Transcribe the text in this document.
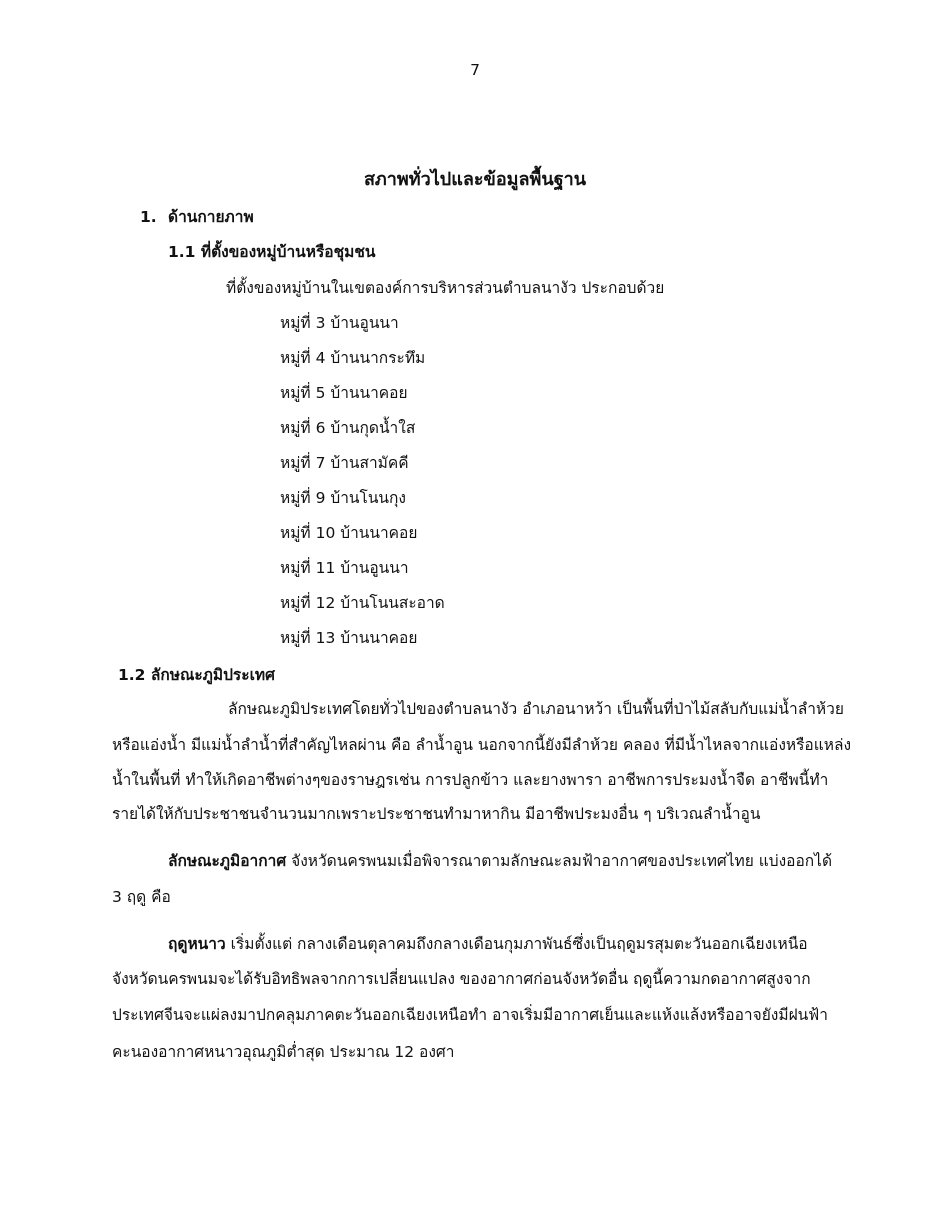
7
สภาพทั่วไปและข้อมูลพื้นฐาน
1. ด้านกายภาพ
1.1 ที่ตั้งของหมู่บ้านหรือชุมชน
ที่ตั้งของหมู่บ้านในเขตองค์การบริหารส่วนตำบลนางัว ประกอบด้วย
หมู่ที่ 3 บ้านอูนนา
หมู่ที่ 4 บ้านนากระทึม
หมู่ที่ 5 บ้านนาคอย
หมู่ที่ 6 บ้านกุดน้ำใส
หมู่ที่ 7 บ้านสามัคคี
หมู่ที่ 9 บ้านโนนกุง
หมู่ที่ 10 บ้านนาคอย
หมู่ที่ 11 บ้านอูนนา
หมู่ที่ 12 บ้านโนนสะอาด
หมู่ที่ 13 บ้านนาคอย
1.2 ลักษณะภูมิประเทศ
ลักษณะภูมิประเทศโดยทั่วไปของตำบลนางัว อำเภอนาหว้า เป็นพื้นที่ป่าไม้สลับกับแม่น้ำลำห้วย
หรือแอ่งน้ำ มีแม่น้ำลำน้ำที่สำคัญไหลผ่าน คือ ลำน้ำอูน นอกจากนี้ยังมีลำห้วย คลอง ที่มีน้ำไหลจากแอ่งหรือแหล่ง
น้ำในพื้นที่ ทำให้เกิดอาชีพต่างๆของราษฎรเช่น การปลูกข้าว และยางพารา อาชีพการประมงน้ำจืด อาชีพนี้ทำ
รายได้ให้กับประชาชนจำนวนมากเพราะประชาชนทำมาหากิน มีอาชีพประมงอื่น ๆ บริเวณลำน้ำอูน
ลักษณะภูมิอากาศ จังหวัดนครพนมเมื่อพิจารณาตามลักษณะลมฟ้าอากาศของประเทศไทย แบ่งออกได้
3 ฤดู คือ
ฤดูหนาว เริ่มตั้งแต่ กลางเดือนตุลาคมถึงกลางเดือนกุมภาพันธ์ซึ่งเป็นฤดูมรสุมตะวันออกเฉียงเหนือ
จังหวัดนครพนมจะได้รับอิทธิพลจากการเปลี่ยนแปลง ของอากาศก่อนจังหวัดอื่น ฤดูนี้ความกดอากาศสูงจาก
ประเทศจีนจะแผ่ลงมาปกคลุมภาคตะวันออกเฉียงเหนือทำ อาจเริ่มมีอากาศเย็นและแห้งแล้งหรืออาจยังมีฝนฟ้า
คะนองอากาศหนาวอุณภูมิต่ำสุด ประมาณ 12 องศา
